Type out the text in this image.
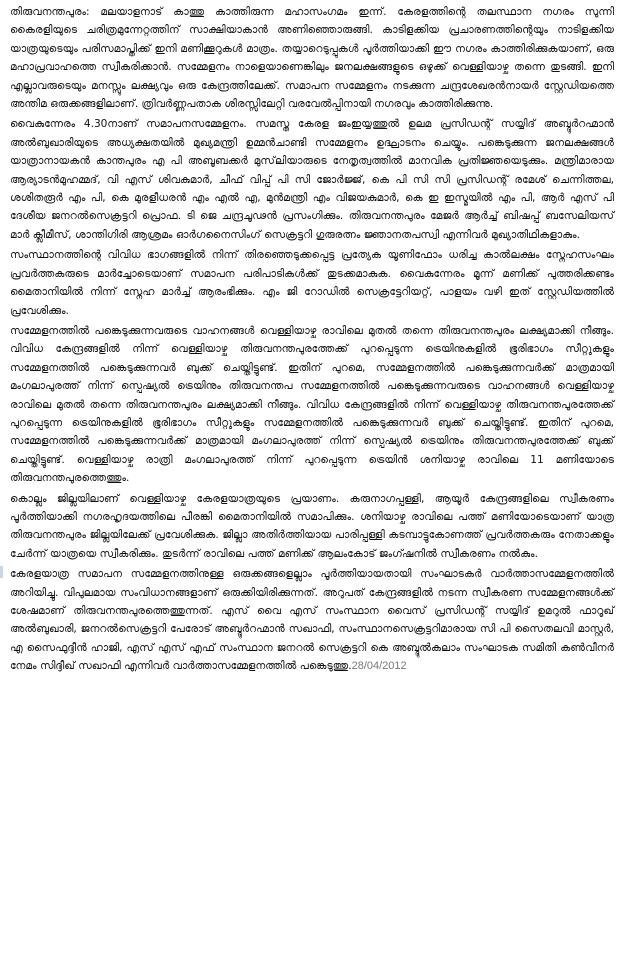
തിരുവനന്തപുരം: മലയാളനാട് കാത്തു കാത്തിരുന്ന മഹാസംഗമം ഇന്ന്. കേരളത്തിന്റെ തലസ്ഥാന നഗരം സുന്നി കൈരളിയുടെ ചരിത്രമുന്നേറ്റത്തിന് സാക്ഷിയാകാന്‍ അണിഞ്ഞൊരുങ്ങി. കാടിളക്കിയ പ്രചാരണത്തിന്റെയും നാടിളക്കിയ യാത്രയുടെയും പരിസമാപ്തിക്ക് ഇനി മണിക്കൂറുകള്‍ മാത്രം. തയ്യാറെടുപ്പുകള്‍ പൂര്‍ത്തിയാക്കി ഈ നഗരം കാത്തിരിക്കുകയാണ്, ഒരു മഹാപ്രവാഹത്തെ സ്വീകരിക്കാന്‍. സമ്മേളനം നാളെയാണെങ്കിലും ജനലക്ഷങ്ങളുടെ ഒഴുക്ക് വെള്ളിയാഴ്ച തന്നെ തുടങ്ങി. ഇനി എല്ലാവരുടെയും മനസ്സും ലക്ഷ്യവും ഒരു കേന്ദ്രത്തിലേക്ക്. സമാപന സമ്മേളനം നടക്കുന്ന ചന്ദ്രശേഖരന്‍നായര്‍ സ്റ്റേഡിയത്തെ അന്തിമ ഒരുക്കങ്ങളിലാണ്. ത്രിവര്‍ണ്ണപതാക ശിരസ്സിലേറ്റി വരവേല്‍പ്പിനായി നഗരവും കാത്തിരിക്കുന്നു.

വൈകുന്നേരം 4.30നാണ് സമാപനസമ്മേളനം. സമസ്ത കേരള ജംഇയ്യത്തുല്‍ ഉലമ പ്രസിഡന്റ് സയ്യിദ് അബ്ദുര്‍റഹ്മാന്‍ അല്‍ബുഖാരിയുടെ അധ്യക്ഷതയില്‍ മുഖ്യമന്ത്രി ഉമ്മന്‍ചാണ്ടി സമ്മേളനം ഉദ്ഘാടനം ചെയ്യും. പങ്കെടുക്കുന്ന ജനലക്ഷങ്ങള്‍ യാത്രാനായകന്‍ കാന്തപുരം എ പി അബൂബക്കര്‍ മുസ്‌ലിയാരുടെ നേതൃത്വത്തില്‍ മാനവിക പ്രതിജ്ഞയെടുക്കും. മന്ത്രിമാരായ ആര്യാടന്‍മുഹമ്മദ്, വി എസ് ശിവകുമാര്‍, ചീഫ് വിപ്പ് പി സി ജോര്‍ജ്ജ്, കെ പി സി സി പ്രസിഡന്റ് രമേശ് ചെന്നിത്തല, ശശിതരൂര്‍ എം പി, കെ മുരളീധരന്‍ എം എല്‍ എ, മുന്‍മന്ത്രി എം വിജയകുമാര്‍, കെ ഇ ഇസ്മയില്‍ എം പി, ആര്‍ എസ് പി ദേശീയ ജനറല്‍സെക്രട്ടറി പ്രൊഫ. ടി ജെ ചന്ദ്രചൂഢന്‍ പ്രസംഗിക്കും. തിരുവനന്തപുരം മേജര്‍ ആര്‍ച്ച് ബിഷപ്പ് ബസേലിയസ് മാര്‍ ക്ലീമീസ്, ശാന്തിഗിരി ആശ്രമം ഓര്‍ഗനൈസിംഗ് സെക്രട്ടറി ഗുരുരത്നം ജ്ഞാനതപസ്വി എന്നിവര്‍ മുഖ്യാതിഥികളാകും.

സംസ്ഥാനത്തിന്റെ വിവിധ ഭാഗങ്ങളില്‍ നിന്ന് തിരഞ്ഞെടുക്കപ്പെട്ട പ്രത്യേക യൂണിഫോം ധരിച്ച കാല്‍ലക്ഷം സ്നേഹസംഘം പ്രവര്‍ത്തകരുടെ മാര്‍ച്ചോടെയാണ് സമാപന പരിപാടികള്‍ക്ക് തുടക്കമാകുക. വൈകുന്നേരം മൂന്ന് മണിക്ക് പുത്തരിക്കണ്ടം മൈതാനിയില്‍ നിന്ന് സ്നേഹ മാര്‍ച്ച് ആരംഭിക്കും. എം ജി റോഡില്‍ സെക്രട്ടേറിയറ്റ്, പാളയം വഴി ഇത് സ്റ്റേഡിയത്തില്‍ പ്രവേശിക്കും.

സമ്മേളനത്തില്‍ പങ്കെടുക്കുന്നവരുടെ വാഹനങ്ങള്‍ വെള്ളിയാഴ്ച രാവിലെ മുതല്‍ തന്നെ തിരുവനന്തപുരം ലക്ഷ്യമാക്കി നീങ്ങും. വിവിധ കേന്ദ്രങ്ങളില്‍ നിന്ന് വെള്ളിയാഴ്ച തിരുവനന്തപുരത്തേക്ക് പുറപ്പെടുന്ന ട്രെയിനുകളില്‍ ഭൂരിഭാഗം സീറ്റുകളും സമ്മേളനത്തില്‍ പങ്കെടുക്കുന്നവര്‍ ബുക്ക് ചെയ്തിട്ടുണ്ട്. ഇതിന് പുറമെ, സമ്മേളനത്തില്‍ പങ്കെടുക്കുന്നവര്‍ക്ക് മാത്രമായി മംഗലാപുരത്ത് നിന്ന് സ്പെഷ്യല്‍ ട്രെയിനും തിരുവനന്തപ സമ്മേളനത്തില്‍ പങ്കെടുക്കുന്നവരുടെ വാഹനങ്ങള്‍ വെള്ളിയാഴ്ച രാവിലെ മുതല്‍ തന്നെ തിരുവനന്തപുരം ലക്ഷ്യമാക്കി നീങ്ങും. വിവിധ കേന്ദ്രങ്ങളില്‍ നിന്ന് വെള്ളിയാഴ്ച തിരുവനന്തപുരത്തേക്ക് പുറപ്പെടുന്ന ട്രെയിനുകളില്‍ ഭൂരിഭാഗം സീറ്റുകളും സമ്മേളനത്തില്‍ പങ്കെടുക്കുന്നവര്‍ ബുക്ക് ചെയ്തിട്ടുണ്ട്. ഇതിന് പുറമെ, സമ്മേളനത്തില്‍ പങ്കെടുക്കുന്നവര്‍ക്ക് മാത്രമായി മംഗലാപുരത്ത് നിന്ന് സ്പെഷ്യല്‍ ട്രെയിനും തിരുവനന്തപുരത്തേക്ക് ബുക്ക് ചെയ്തിട്ടുണ്ട്. വെള്ളിയാഴ്ച രാത്രി മംഗലാപുരത്ത് നിന്ന് പുറപ്പെടുന്ന ട്രെയിന്‍ ശനിയാഴ്ച രാവിലെ 11 മണിയോടെ തിരുവനന്തപുരത്തെത്തും.

കൊല്ലം ജില്ലയിലാണ് വെള്ളിയാഴ്ച കേരളയാത്രയുടെ പ്രയാണം. കരുനാഗപ്പള്ളി, ആയൂര്‍ കേന്ദ്രങ്ങളിലെ സ്വീകരണം പൂര്‍ത്തിയാക്കി നഗരഹൃദയത്തിലെ പീരങ്കി മൈതാനിയില്‍ സമാപിക്കും. ശനിയാഴ്ച രാവിലെ പത്ത് മണിയോടെയാണ് യാത്ര തിരുവനന്തപുരം ജില്ലയിലേക്ക് പ്രവേശിക്കുക. ജില്ലാ അതിര്‍ത്തിയായ പാരിപ്പള്ളി കടമ്പാട്ടുകോണത്ത് പ്രവര്‍ത്തകരും നേതാക്കളും ചേര്‍ന്ന് യാത്രയെ സ്വീകരിക്കും. തുടര്‍ന്ന് രാവിലെ പത്ത് മണിക്ക് ആലംകോട് ജംഗ്ഷനില്‍ സ്വീകരണം നല്‍കും.

കേരളയാത്ര സമാപന സമ്മേളനത്തിനുള്ള ഒരുക്കങ്ങളെല്ലാം പൂര്‍ത്തിയായതായി സംഘാടകര്‍ വാര്‍ത്താസമ്മേളനത്തില്‍ അറിയിച്ചു. വിപുലമായ സംവിധാനങ്ങളാണ് ഒരുക്കിയിരിക്കുന്നത്. അറുപത് കേന്ദ്രങ്ങളില്‍ നടന്ന സ്വീകരണ സമ്മേളനങ്ങള്‍ക്ക് ശേഷമാണ് തിരുവനന്തപുരത്തെത്തുന്നത്. എസ് വൈ എസ് സംസ്ഥാന വൈസ് പ്രസിഡന്റ് സയ്യിദ് ഉമറുല്‍ ഫാറൂഖ് അല്‍ബുഖാരി, ജനറല്‍സെക്രട്ടറി പേരോട് അബ്ദുര്‍റഹ്മാന്‍ സഖാഫി, സംസ്ഥാനസെക്രട്ടറിമാരായ സി പി സൈതലവി മാസ്റ്റര്‍, എ സൈഫുദ്ദീന്‍ ഹാജി, എസ് എസ് എഫ് സംസ്ഥാന ജനറല്‍ സെക്രട്ടറി കെ അബ്ദുല്‍കലാം സംഘാടക സമിതി കണ്‍വീനര്‍ നേമം സിദ്ദീഖ് സഖാഫി എന്നിവര്‍ വാര്‍ത്താസമ്മേളനത്തില്‍ പങ്കെടുത്തു.28/04/2012
